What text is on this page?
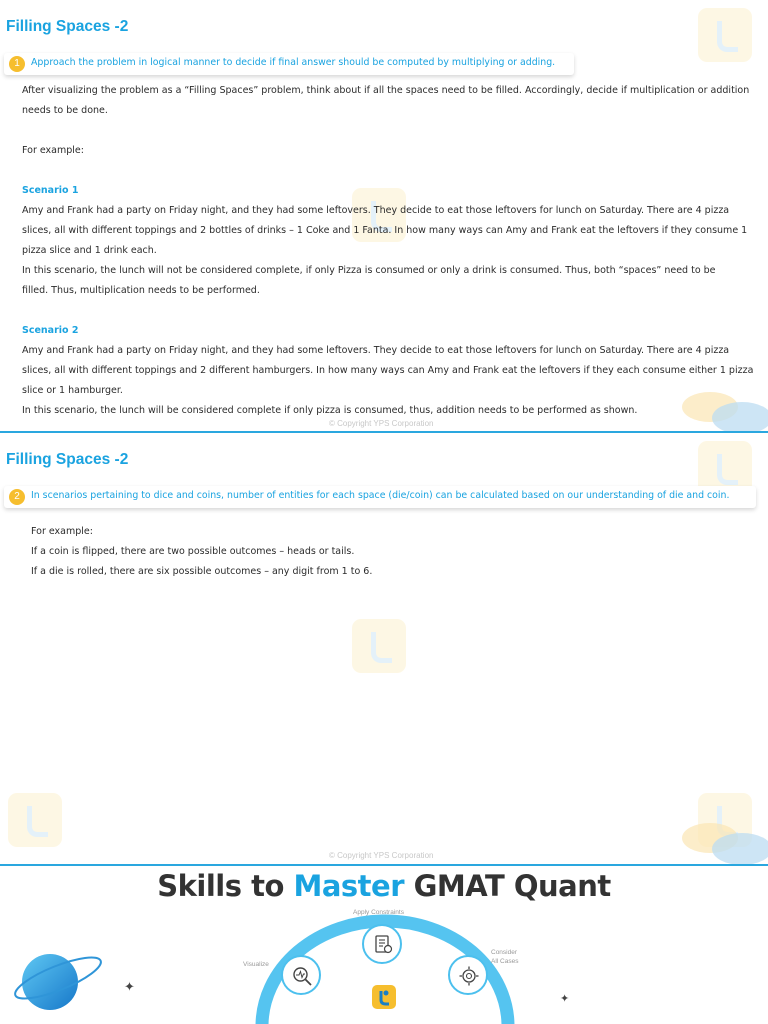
Filling Spaces -2
1	Approach the problem in logical manner to decide if final answer should be computed by multiplying or adding.

After visualizing the problem as a “Filling Spaces” problem, think about if all the spaces need to be filled. Accordingly, decide if multiplication or addition

needs to be done.

For example:

Scenario 1

Amy and Frank had a party on Friday night, and they had some leftovers. They decide to eat those leftovers for lunch on Saturday. There are 4 pizza

slices, all with different toppings and 2 bottles of drinks – 1 Coke and 1 Fanta. In how many ways can Amy and Frank eat the leftovers if they consume 1

pizza slice and 1 drink each.

In this scenario, the lunch will not be considered complete, if only Pizza is consumed or only a drink is consumed. Thus, both “spaces” need to be

filled. Thus, multiplication needs to be performed.

Scenario 2

Amy and Frank had a party on Friday night, and they had some leftovers. They decide to eat those leftovers for lunch on Saturday. There are 4 pizza

slices, all with different toppings and 2 different hamburgers. In how many ways can Amy and Frank eat the leftovers if they each consume either 1 pizza

slice or 1 hamburger.

In this scenario, the lunch will be considered complete if only pizza is consumed, thus, addition needs to be performed as shown.

© Copyright YPS Corporation

Filling Spaces -2
2	In scenarios pertaining to dice and coins, number of entities for each space (die/coin) can be calculated based on our understanding of die and coin.

For example:

If a coin is flipped, there are two possible outcomes – heads or tails.

If a die is rolled, there are six possible outcomes – any digit from 1 to 6.

© Copyright YPS Corporation

Skills to Master GMAT Quant

Apply Constraints

Visualize

Consider

All Cases

✦
✦
